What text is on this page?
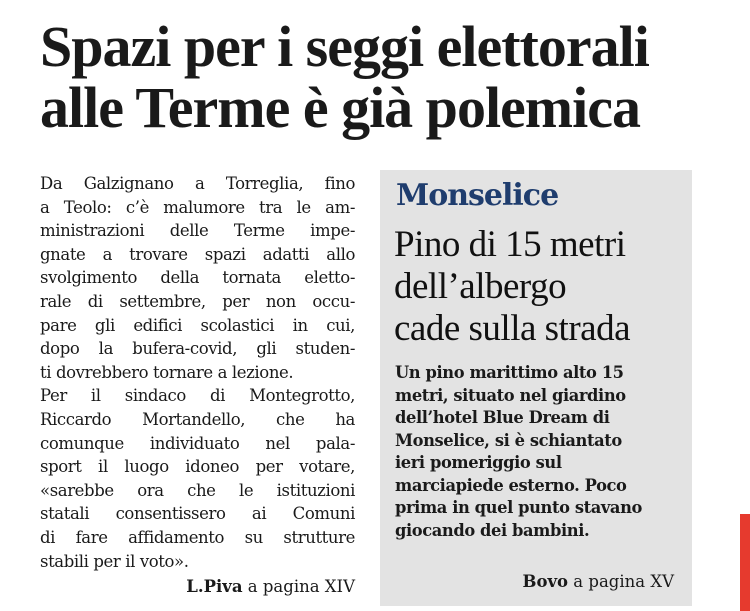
Spazi per i seggi elettorali
alle Terme è già polemica
Da Galzignano a Torreglia, fino
a Teolo: c’è malumore tra le am-
ministrazioni delle Terme impe-
gnate a trovare spazi adatti allo
svolgimento della tornata eletto-
rale di settembre, per non occu-
pare gli edifici scolastici in cui,
dopo la bufera-covid, gli studen-
ti dovrebbero tornare a lezione.
Per il sindaco di Montegrotto,
Riccardo Mortandello, che ha
comunque individuato nel pala-
sport il luogo idoneo per votare,
«sarebbe ora che le istituzioni
statali consentissero ai Comuni
di fare affidamento su strutture
stabili per il voto».
L.Piva a pagina XIV
Monselice
Pino di 15 metri
dell’albergo
cade sulla strada
Un pino marittimo alto 15
metri, situato nel giardino
dell’hotel Blue Dream di
Monselice, si è schiantato
ieri pomeriggio sul
marciapiede esterno. Poco
prima in quel punto stavano
giocando dei bambini.
Bovo a pagina XV
